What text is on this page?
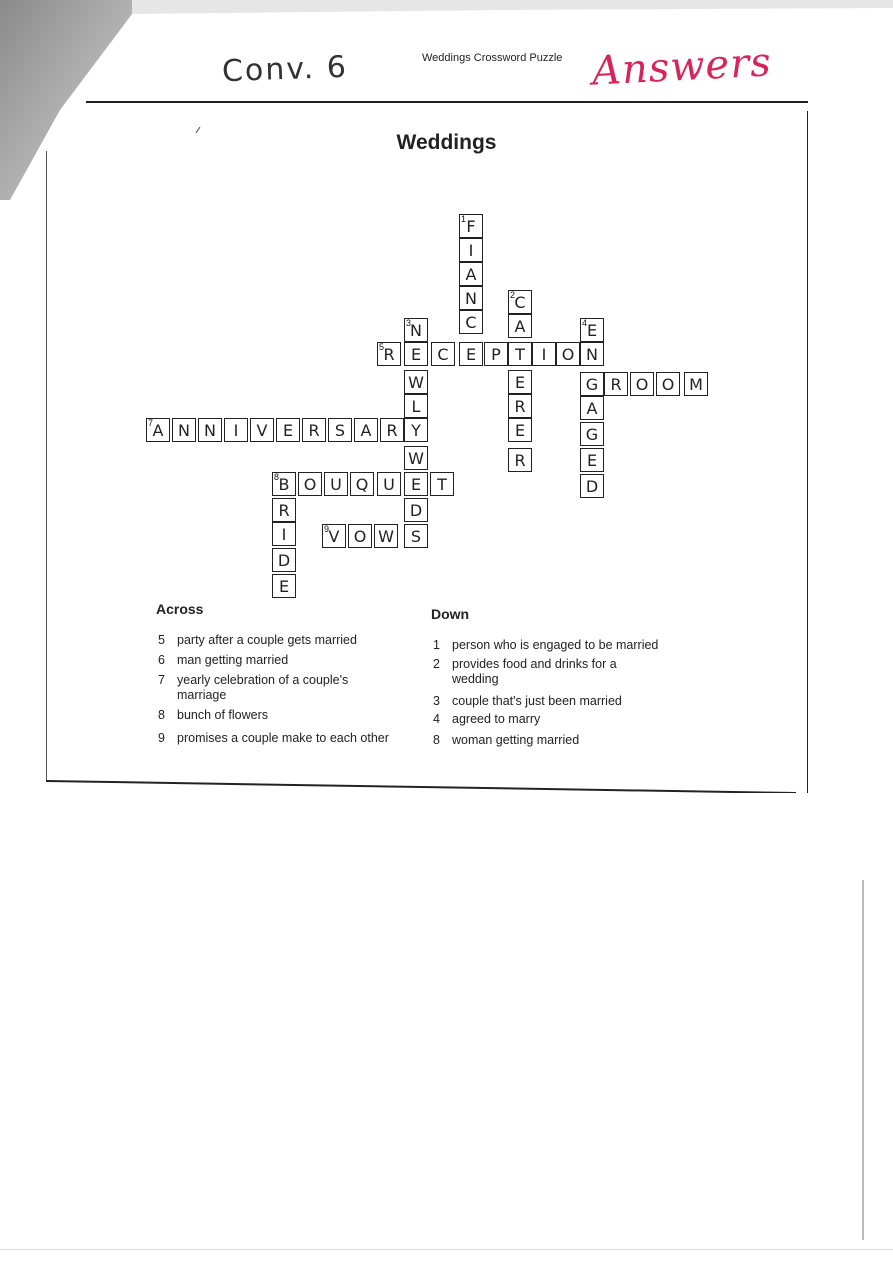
Conv. 6	Weddings Crossword Puzzle Answers
Weddings
1 F
I
A
N
C
E
2 C
A
T
E
R
E
R
3 N
E
W
L
Y
W
E
D
S
4 E
N
G
A
G
E
D
5 R	C	P	I O
R O O M
7 A N N	I	V E R S A R
8 B O U Q U	T
R
I
D
E
9 V O W
Across	Down
5 party after a couple gets married
6 man getting married
7 yearly celebration of a couple's marriage
8 bunch of flowers
9 promises a couple make to each other
1 person who is engaged to be married
2 provides food and drinks for a wedding
3 couple that's just been married
4 agreed to marry
8 woman getting married
